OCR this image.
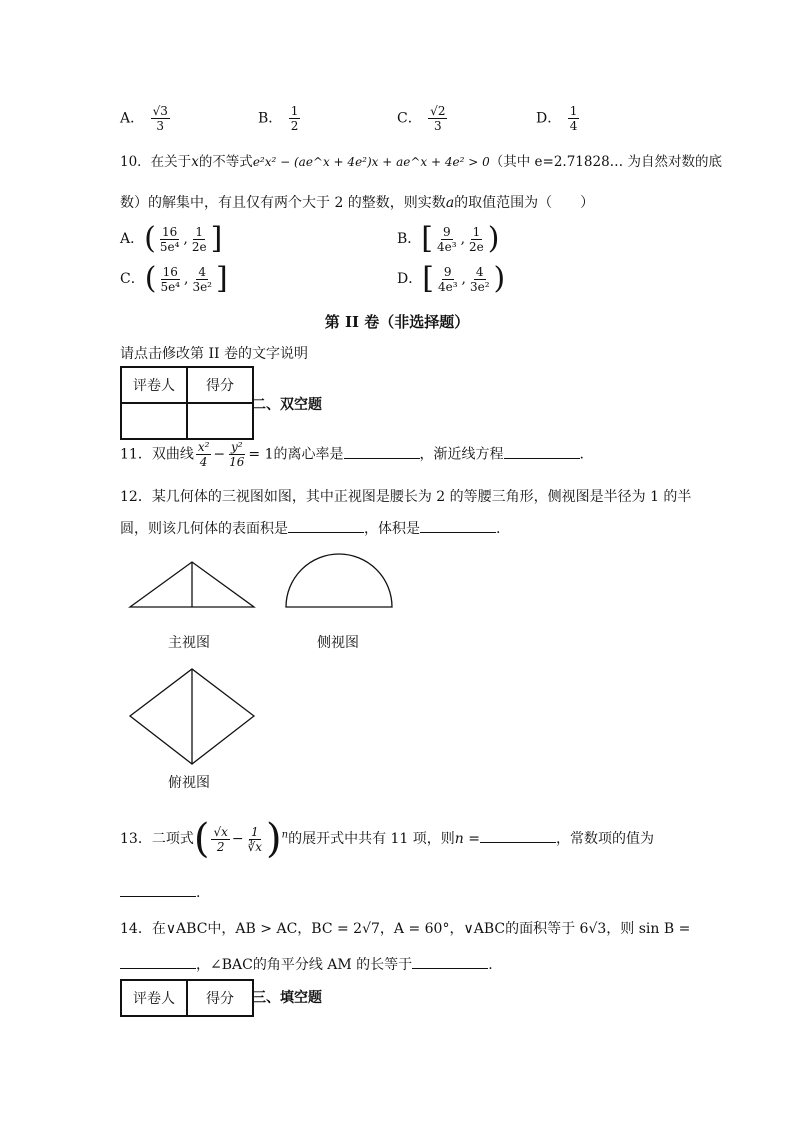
A． $\frac{√3}{3}$	B． $\frac{1}{2}$	C． $\frac{√2}{3}$	D． $\frac{1}{4}$
10．在关于x的不等式e²x² − (ae^x + 4e²)x + ae^x + 4e² > 0（其中 e=2.71828… 为自然对数的底
数）的解集中，有且仅有两个大于 2 的整数，则实数a的取值范围为（　　）
A．( $\frac{16}{\text{5e⁴}}$ , $\frac{1}{2e}$ ]	B．[ $\frac{9}{\text{4e³}}$ , $\frac{1}{2e}$ )
C．( $\frac{16}{\text{5e⁴}}$ , $\frac{4}{\text{3e²}}$ ]	D．[ $\frac{9}{\text{4e³}}$ , $\frac{4}{\text{3e²}}$ )
第 II 卷（非选择题）
请点击修改第 II 卷的文字说明
评卷人	得分

二、双空题
11．双曲线 $\frac{\text{x²}}{4} - \frac{\text{y²}}{16} = 1$的离心率是	，渐近线方程	.
12．某几何体的三视图如图，其中正视图是腰长为 2 的等腰三角形，侧视图是半径为 1 的半
圆，则该几何体的表面积是	，体积是	.
主视图	侧视图
俯视图
13．二项式( $\frac{√x}{2} - \frac{1}{∛x} )^n$的展开式中共有 11 项，则n =	，常数项的值为
.
14．在∨ABC中，AB > AC，BC = 2√7，A = 60°，∨ABC的面积等于 6√3，则 sin B =
，∠BAC的角平分线 AM 的长等于	.
评卷人	得分 三、填空题
